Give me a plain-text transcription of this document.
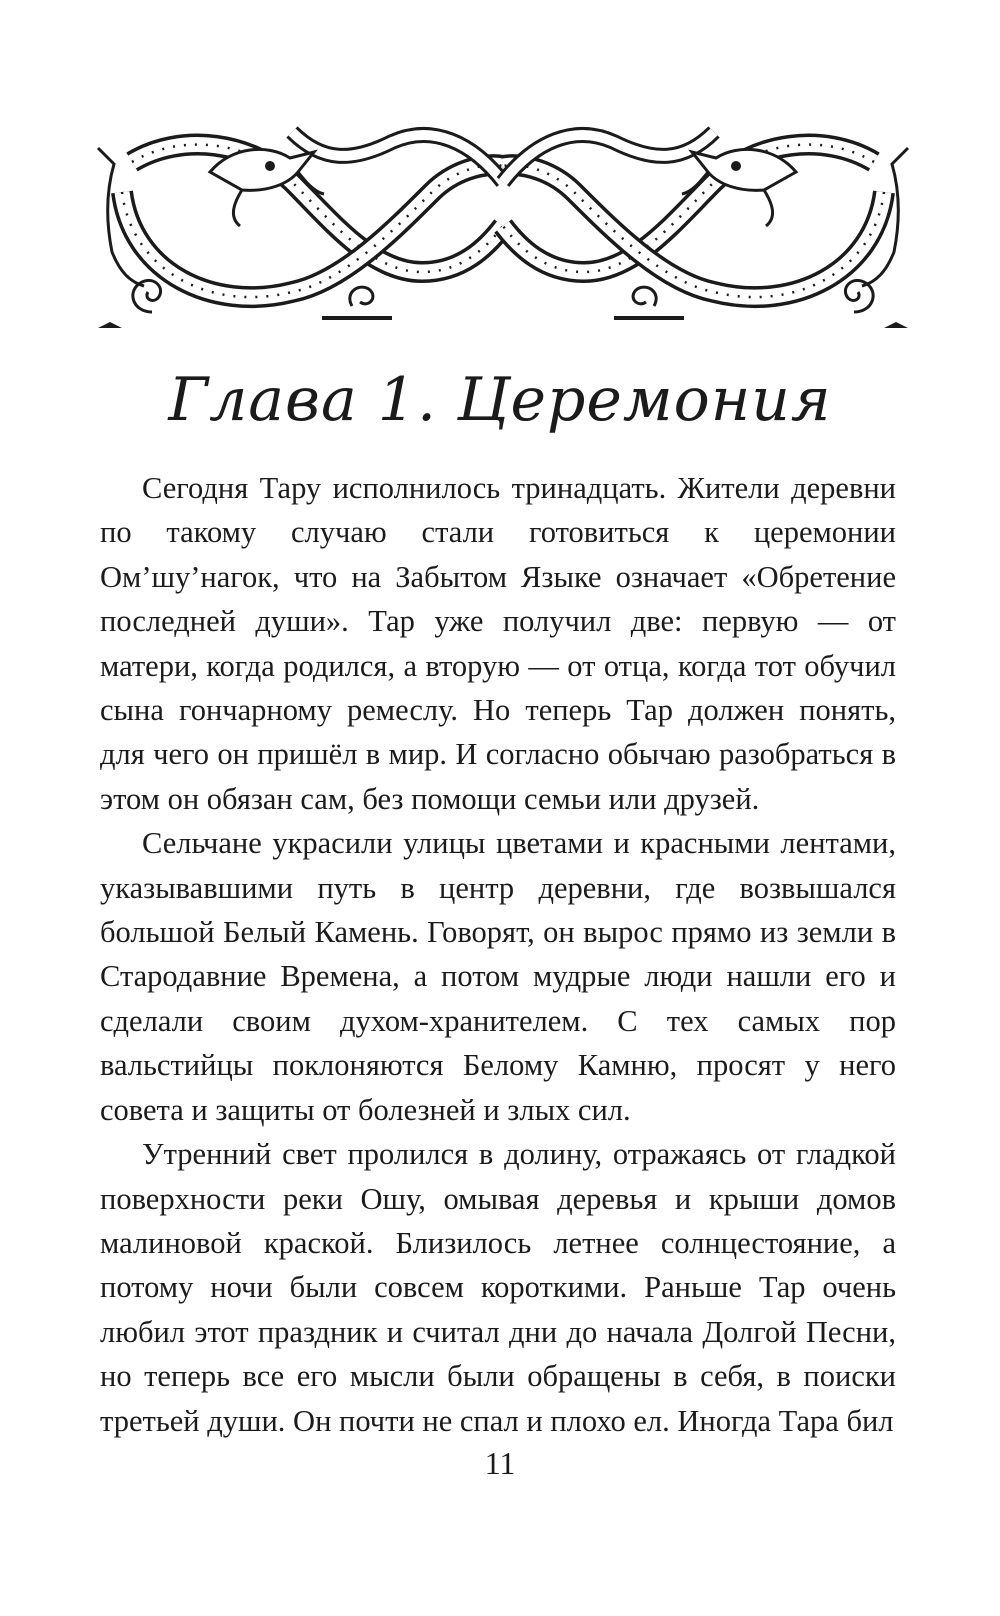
Глава 1. Церемония

Сегодня Тару исполнилось тринадцать. Жители деревни по такому случаю стали готовиться к церемонии Ом’шу’нагок, что на Забытом Языке означает «Обретение последней души». Тар уже получил две: первую — от матери, когда родился, а вторую — от отца, когда тот обучил сына гончарному ремеслу. Но теперь Тар должен понять, для чего он пришёл в мир. И согласно обычаю разобраться в этом он обязан сам, без помощи семьи или друзей.

Сельчане украсили улицы цветами и красными лентами, указывавшими путь в центр деревни, где возвышался большой Белый Камень. Говорят, он вырос прямо из земли в Стародавние Времена, а потом мудрые люди нашли его и сделали своим духом-хранителем. С тех самых пор вальстийцы поклоняются Белому Камню, просят у него совета и защиты от болезней и злых сил.

Утренний свет пролился в долину, отражаясь от гладкой поверхности реки Ошу, омывая деревья и крыши домов малиновой краской. Близилось летнее солнцестояние, а потому ночи были совсем короткими. Раньше Тар очень любил этот праздник и считал дни до начала Долгой Песни, но теперь все его мысли были обращены в себя, в поиски третьей души. Он почти не спал и плохо ел. Иногда Тара бил

11
